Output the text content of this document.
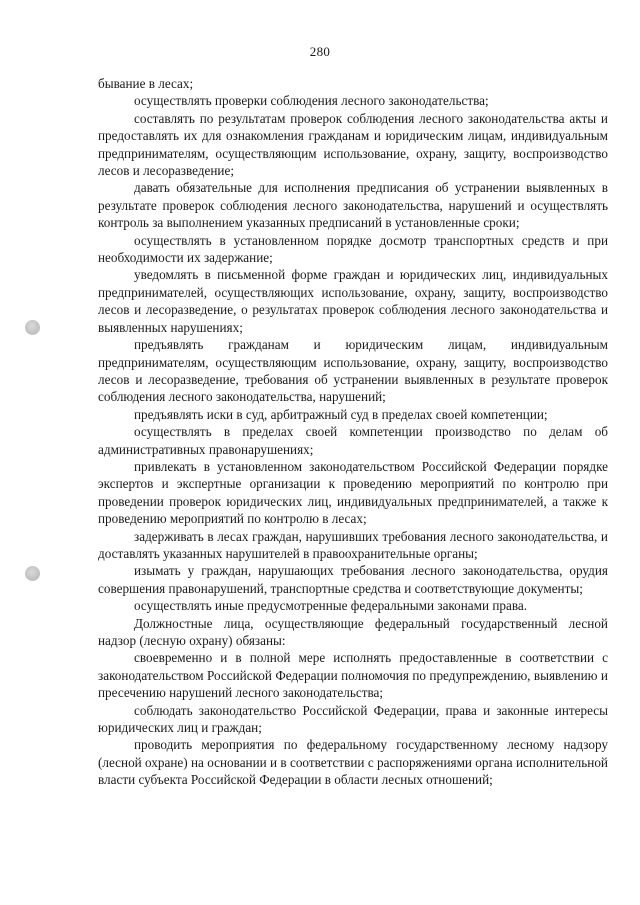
280

бывание в лесах;

осуществлять проверки соблюдения лесного законодательства;

составлять по результатам проверок соблюдения лесного законодательства акты и предоставлять их для ознакомления гражданам и юридическим лицам, индивидуальным предпринимателям, осуществляющим использование, охрану, защиту, воспроизводство лесов и лесоразведение;

давать обязательные для исполнения предписания об устранении выявленных в результате проверок соблюдения лесного законодательства, нарушений и осуществлять контроль за выполнением указанных предписаний в установленные сроки;

осуществлять в установленном порядке досмотр транспортных средств и при необходимости их задержание;

уведомлять в письменной форме граждан и юридических лиц, индивидуальных предпринимателей, осуществляющих использование, охрану, защиту, воспроизводство лесов и лесоразведение, о результатах проверок соблюдения лесного законодательства и выявленных нарушениях;

предъявлять гражданам и юридическим лицам, индивидуальным предпринимателям, осуществляющим использование, охрану, защиту, воспроизводство лесов и лесоразведение, требования об устранении выявленных в результате проверок соблюдения лесного законодательства, нарушений;

предъявлять иски в суд, арбитражный суд в пределах своей компетенции;

осуществлять в пределах своей компетенции производство по делам об административных правонарушениях;

привлекать в установленном законодательством Российской Федерации порядке экспертов и экспертные организации к проведению мероприятий по контролю при проведении проверок юридических лиц, индивидуальных предпринимателей, а также к проведению мероприятий по контролю в лесах;

задерживать в лесах граждан, нарушивших требования лесного законодательства, и доставлять указанных нарушителей в правоохранительные органы;

изымать у граждан, нарушающих требования лесного законодательства, орудия совершения правонарушений, транспортные средства и соответствующие документы;

осуществлять иные предусмотренные федеральными законами права.

Должностные лица, осуществляющие федеральный государственный лесной надзор (лесную охрану) обязаны:

своевременно и в полной мере исполнять предоставленные в соответствии с законодательством Российской Федерации полномочия по предупреждению, выявлению и пресечению нарушений лесного законодательства;

соблюдать законодательство Российской Федерации, права и законные интересы юридических лиц и граждан;

проводить мероприятия по федеральному государственному лесному надзору (лесной охране) на основании и в соответствии с распоряжениями органа исполнительной власти субъекта Российской Федерации в области лесных отношений;
